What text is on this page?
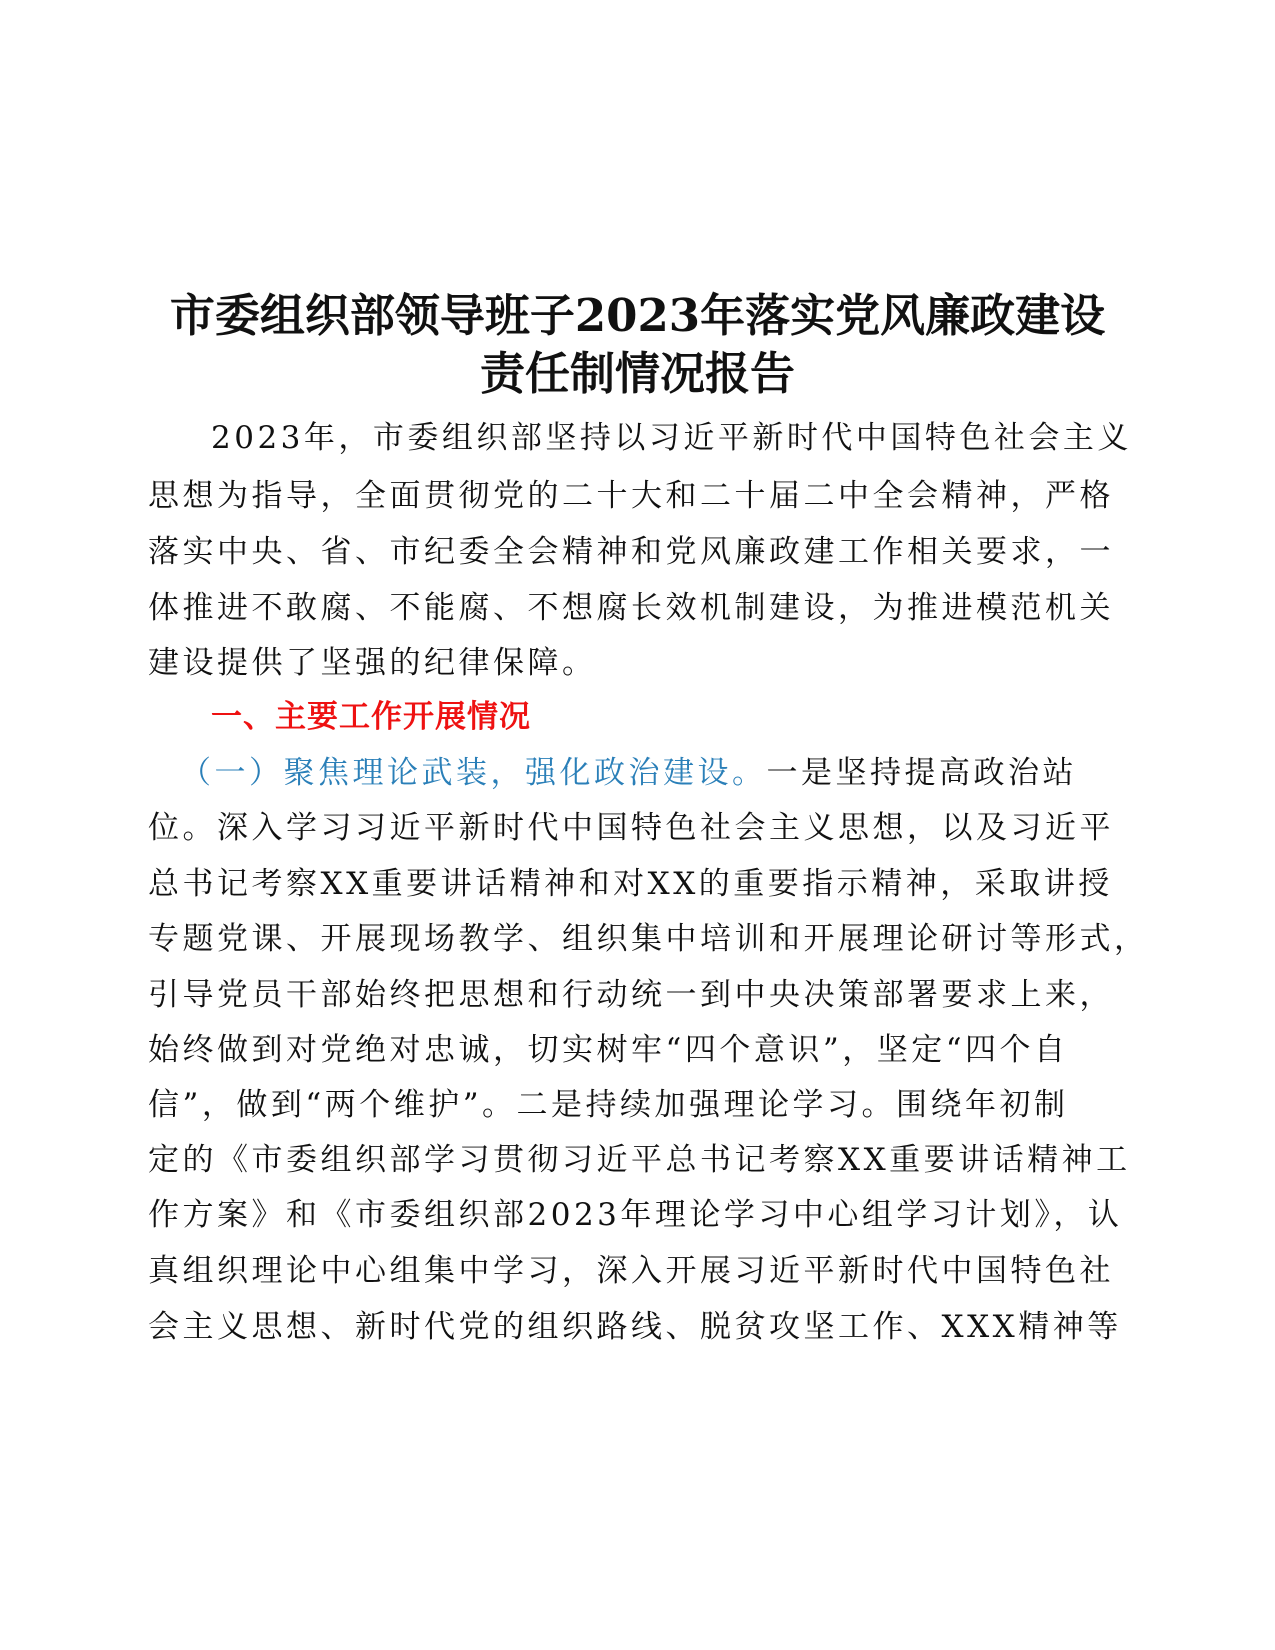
市委组织部领导班子2023年落实党风廉政建设
责任制情况报告
2023年，市委组织部坚持以习近平新时代中国特色社会主义
思想为指导，全面贯彻党的二十大和二十届二中全会精神，严格
落实中央、省、市纪委全会精神和党风廉政建工作相关要求，一
体推进不敢腐、不能腐、不想腐长效机制建设，为推进模范机关
建设提供了坚强的纪律保障。
一、主要工作开展情况
（一）聚焦理论武装，强化政治建设。一是坚持提高政治站
位。深入学习习近平新时代中国特色社会主义思想，以及习近平
总书记考察XX重要讲话精神和对XX的重要指示精神，采取讲授
专题党课、开展现场教学、组织集中培训和开展理论研讨等形式，
引导党员干部始终把思想和行动统一到中央决策部署要求上来，
始终做到对党绝对忠诚，切实树牢“四个意识”，坚定“四个自
信”，做到“两个维护”。二是持续加强理论学习。围绕年初制
定的《市委组织部学习贯彻习近平总书记考察XX重要讲话精神工
作方案》和《市委组织部2023年理论学习中心组学习计划》，认
真组织理论中心组集中学习，深入开展习近平新时代中国特色社
会主义思想、新时代党的组织路线、脱贫攻坚工作、XXX精神等
